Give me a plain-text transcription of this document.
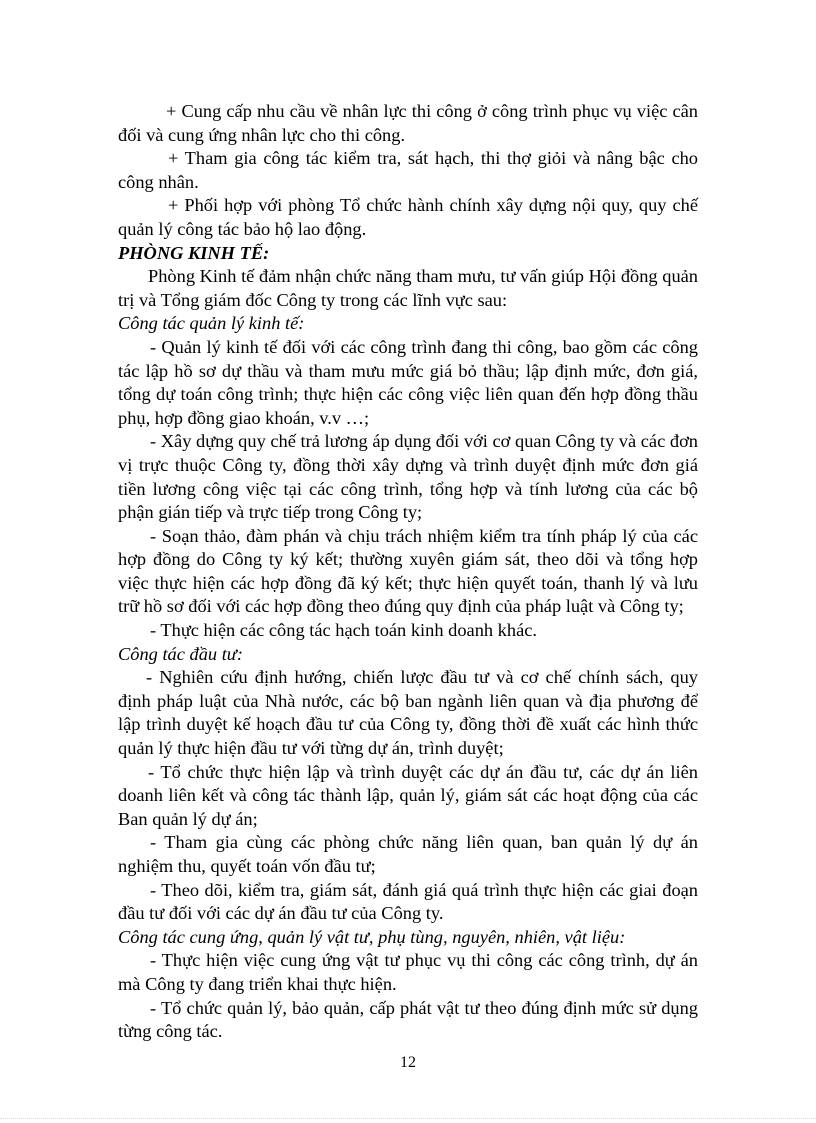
+ Cung cấp nhu cầu về nhân lực thi công ở công trình phục vụ việc cân đối và cung ứng nhân lực cho thi công.

+ Tham gia công tác kiểm tra, sát hạch, thi thợ giỏi và nâng bậc cho công nhân.

+ Phối hợp với phòng Tổ chức hành chính xây dựng nội quy, quy chế quản lý công tác bảo hộ lao động.

PHÒNG KINH TẾ:

Phòng Kinh tế đảm nhận chức năng tham mưu, tư vấn giúp Hội đồng quản trị và Tổng giám đốc Công ty trong các lĩnh vực sau:

Công tác quản lý kinh tế:

- Quản lý kinh tế đối với các công trình đang thi công, bao gồm các công tác lập hồ sơ dự thầu và tham mưu mức giá bỏ thầu; lập định mức, đơn giá, tổng dự toán công trình; thực hiện các công việc liên quan đến hợp đồng thầu phụ, hợp đồng giao khoán, v.v …;

- Xây dựng quy chế trả lương áp dụng đối với cơ quan Công ty và các đơn vị trực thuộc Công ty, đồng thời xây dựng và trình duyệt định mức đơn giá tiền lương công việc tại các công trình, tổng hợp và tính lương của các bộ phận gián tiếp và trực tiếp trong Công ty;

- Soạn thảo, đàm phán và chịu trách nhiệm kiểm tra tính pháp lý của các hợp đồng do Công ty ký kết; thường xuyên giám sát, theo dõi và tổng hợp việc thực hiện các hợp đồng đã ký kết; thực hiện quyết toán, thanh lý và lưu trữ hồ sơ đối với các hợp đồng theo đúng quy định của pháp luật và Công ty;

- Thực hiện các công tác hạch toán kinh doanh khác.

Công tác đầu tư:

- Nghiên cứu định hướng, chiến lược đầu tư và cơ chế chính sách, quy định pháp luật của Nhà nước, các bộ ban ngành liên quan và địa phương để lập trình duyệt kế hoạch đầu tư của Công ty, đồng thời đề xuất các hình thức quản lý thực hiện đầu tư với từng dự án, trình duyệt;

- Tổ chức thực hiện lập và trình duyệt các dự án đầu tư, các dự án liên doanh liên kết và công tác thành lập, quản lý, giám sát các hoạt động của các Ban quản lý dự án;

- Tham gia cùng các phòng chức năng liên quan, ban quản lý dự án nghiệm thu, quyết toán vốn đầu tư;

- Theo dõi, kiểm tra, giám sát, đánh giá quá trình thực hiện các giai đoạn đầu tư đối với các dự án đầu tư của Công ty.

Công tác cung ứng, quản lý vật tư, phụ tùng, nguyên, nhiên, vật liệu:

- Thực hiện việc cung ứng vật tư phục vụ thi công các công trình, dự án mà Công ty đang triển khai thực hiện.

- Tổ chức quản lý, bảo quản, cấp phát vật tư theo đúng định mức sử dụng từng công tác.

12
